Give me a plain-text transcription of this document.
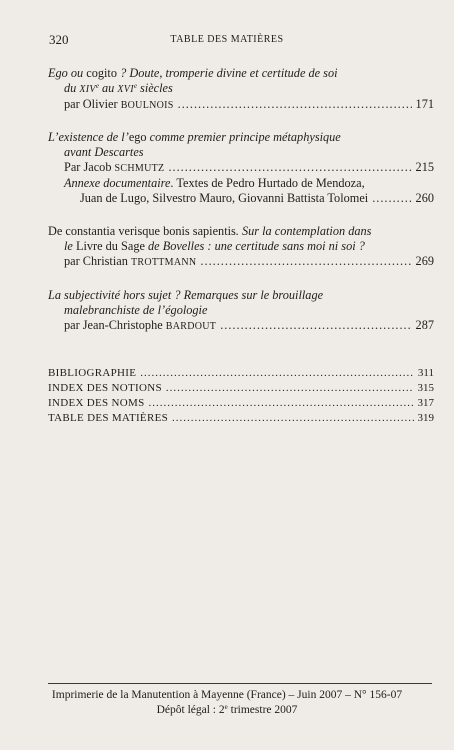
320	TABLE DES MATIÈRES
Ego ou cogito ? Doute, tromperie divine et certitude de soi
du XIVe au XVIe siècles
par Olivier BOULNOIS .....	171
L’existence de l’ego comme premier principe métaphysique
avant Descartes
Par Jacob SCHMUTZ .....	215
Annexe documentaire. Textes de Pedro Hurtado de Mendoza,
Juan de Lugo, Silvestro Mauro, Giovanni Battista Tolomei .....	260
De constantia verisque bonis sapientis. Sur la contemplation dans
le Livre du Sage de Bovelles : une certitude sans moi ni soi ?
par Christian TROTTMANN .....	269
La subjectivité hors sujet ? Remarques sur le brouillage
malebranchiste de l’égologie
par Jean-Christophe BARDOUT .....	287
BIBLIOGRAPHIE .....	311
INDEX DES NOTIONS .....	315
INDEX DES NOMS .....	317
TABLE DES MATIÈRES .....	319
Imprimerie de la Manutention à Mayenne (France) – Juin 2007 – N° 156-07
Dépôt légal : 2e trimestre 2007
